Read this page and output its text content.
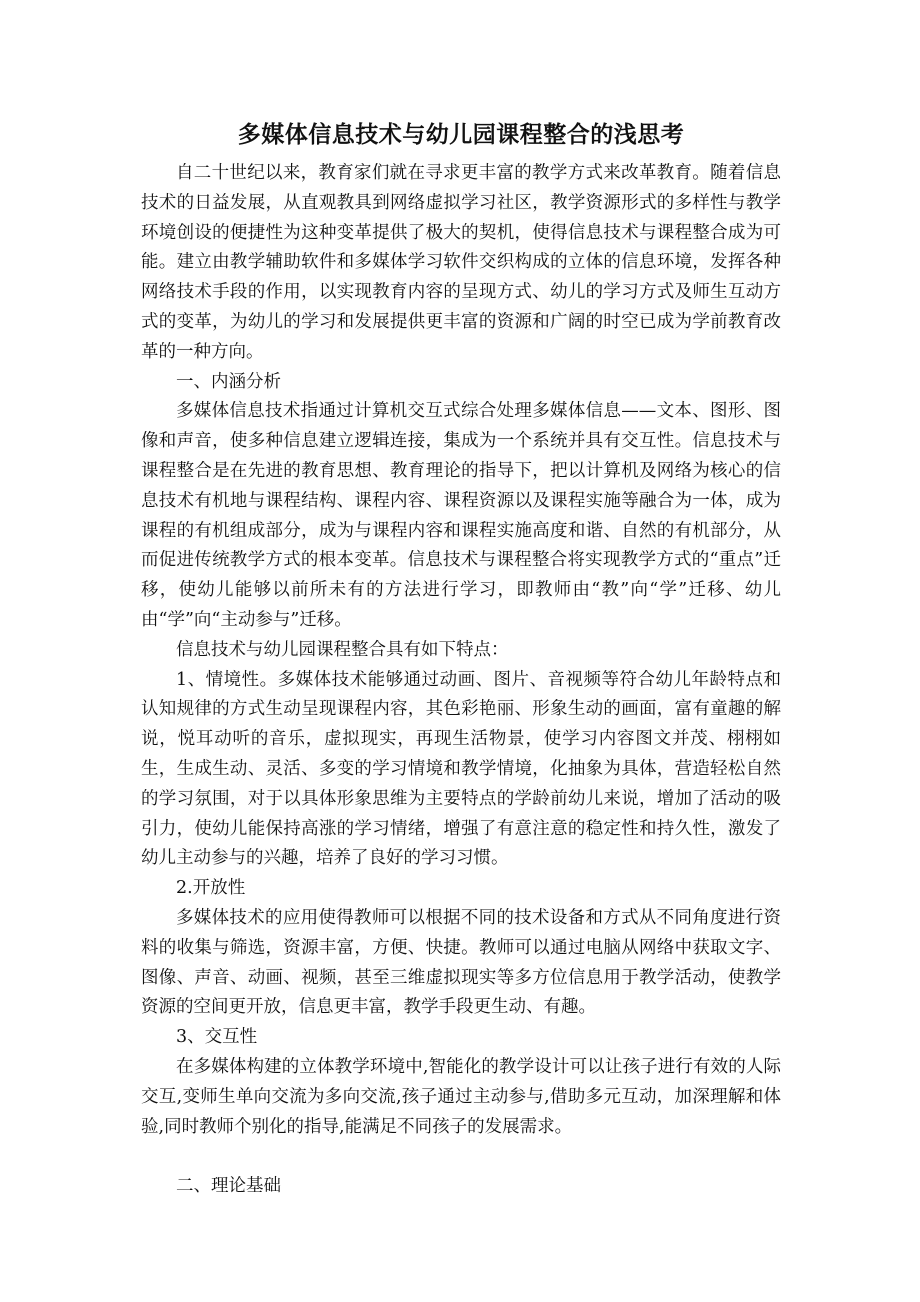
zixin.com.cn
多媒体信息技术与幼儿园课程整合的浅思考

自二十世纪以来，教育家们就在寻求更丰富的教学方式来改革教育。随着信息技术的日益发展，从直观教具到网络虚拟学习社区，教学资源形式的多样性与教学环境创设的便捷性为这种变革提供了极大的契机，使得信息技术与课程整合成为可能。建立由教学辅助软件和多媒体学习软件交织构成的立体的信息环境，发挥各种网络技术手段的作用，以实现教育内容的呈现方式、幼儿的学习方式及师生互动方式的变革，为幼儿的学习和发展提供更丰富的资源和广阔的时空已成为学前教育改革的一种方向。

一、内涵分析

多媒体信息技术指通过计算机交互式综合处理多媒体信息——文本、图形、图像和声音，使多种信息建立逻辑连接，集成为一个系统并具有交互性。信息技术与课程整合是在先进的教育思想、教育理论的指导下，把以计算机及网络为核心的信息技术有机地与课程结构、课程内容、课程资源以及课程实施等融合为一体，成为课程的有机组成部分，成为与课程内容和课程实施高度和谐、自然的有机部分，从而促进传统教学方式的根本变革。信息技术与课程整合将实现教学方式的“重点”迁移，使幼儿能够以前所未有的方法进行学习，即教师由“教”向“学”迁移、幼儿由“学”向“主动参与”迁移。

信息技术与幼儿园课程整合具有如下特点：

1、情境性。多媒体技术能够通过动画、图片、音视频等符合幼儿年龄特点和认知规律的方式生动呈现课程内容，其色彩艳丽、形象生动的画面，富有童趣的解说，悦耳动听的音乐，虚拟现实，再现生活物景，使学习内容图文并茂、栩栩如生，生成生动、灵活、多变的学习情境和教学情境，化抽象为具体，营造轻松自然的学习氛围，对于以具体形象思维为主要特点的学龄前幼儿来说，增加了活动的吸引力，使幼儿能保持高涨的学习情绪，增强了有意注意的稳定性和持久性，激发了幼儿主动参与的兴趣，培养了良好的学习习惯。

2.开放性

多媒体技术的应用使得教师可以根据不同的技术设备和方式从不同角度进行资料的收集与筛选，资源丰富，方便、快捷。教师可以通过电脑从网络中获取文字、图像、声音、动画、视频，甚至三维虚拟现实等多方位信息用于教学活动，使教学资源的空间更开放，信息更丰富，教学手段更生动、有趣。

3、交互性

在多媒体构建的立体教学环境中,智能化的教学设计可以让孩子进行有效的人际交互,变师生单向交流为多向交流,孩子通过主动参与,借助多元互动，加深理解和体验,同时教师个别化的指导,能满足不同孩子的发展需求。

二、理论基础
